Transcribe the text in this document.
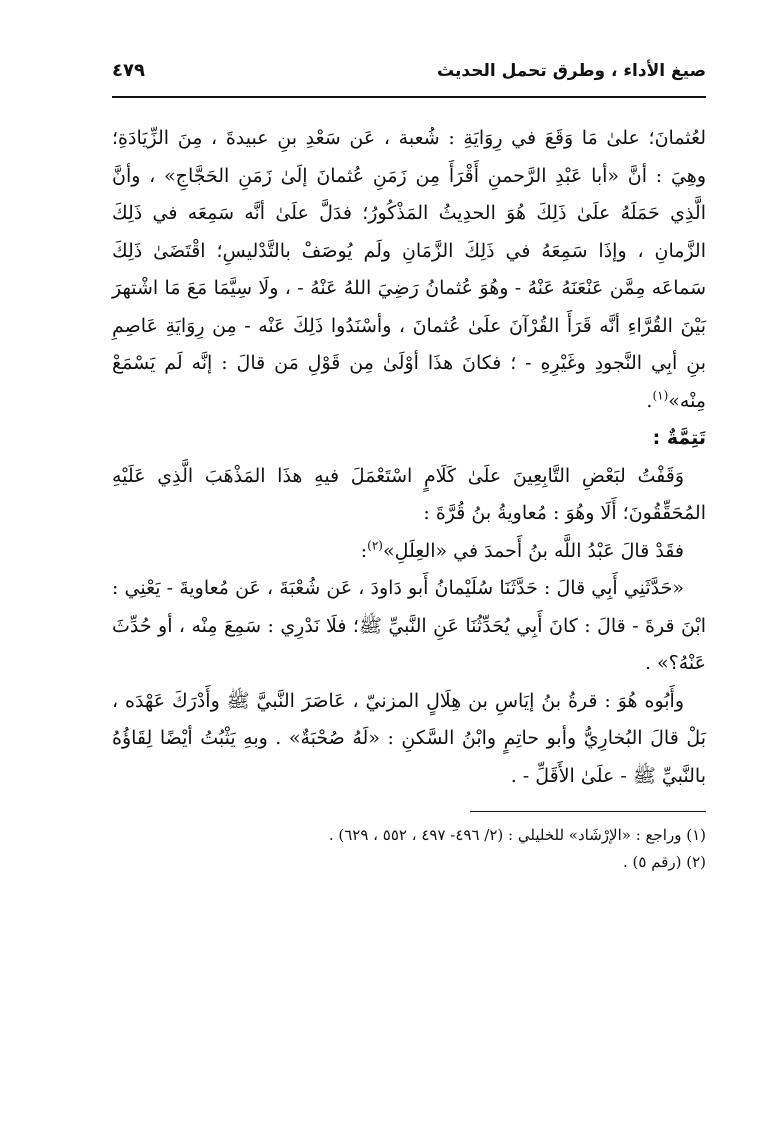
صيغ الأداء ، وطرق تحمل الحديث
٤٧٩

لعُثمانَ؛ علىٰ مَا وَقَعَ في رِوَايَةِ : شُعبة ، عَن سَعْدِ بنِ عبيدةَ ، مِنَ الزِّيَادَةِ؛ وهِيَ : أنَّ «أبا عَبْدِ الرَّحمنِ أَقْرَأَ مِن زَمَنِ عُثمانَ إلَىٰ زَمَنِ الحَجَّاجِ» ، وأنَّ الَّذِي حَمَلَهُ علَىٰ ذَلِكَ هُوَ الحدِيثُ المَذْكُورُ؛ فدَلَّ علَىٰ أنَّه سَمِعَه في ذَلِكَ الزَّمانِ ، وإذَا سَمِعَهُ في ذَلِكَ الزَّمَانِ ولَم يُوصَفْ بالتَّدْليسِ؛ اقْتَضَىٰ ذَلِكَ سَماعَه مِمَّن عَنْعَنَهُ عَنْهُ - وهُوَ عُثمانُ رَضِيَ اللهُ عَنْهُ - ، ولَا سِيَّمَا مَعَ مَا اشْتهرَ بَيْنَ القُرَّاءِ أنَّه قَرَأَ القُرْآنَ علَىٰ عُثمانَ ، وأسْنَدُوا ذَلِكَ عَنْه - مِن رِوَايَةِ عَاصِمِ بنِ أبِي النَّجودِ وغَيْرِهِ - ؛ فكانَ هذَا أوْلَىٰ مِن قَوْلِ مَن قالَ : إنَّه لَم يَسْمَعْ مِنْه»$^{(١)}$.

تَتِمَّةٌ :

وَقَفْتُ لبَعْضِ التَّابِعِينَ علَىٰ كَلَامٍ اسْتَعْمَلَ فيهِ هذَا المَذْهَبَ الَّذِي عَلَيْهِ المُحَقِّقُونَ؛ أَلَا وهُوَ : مُعاويةُ بنُ قُرَّةَ :

فقَدْ قالَ عَبْدُ اللَّه بنُ أَحمدَ في «العِلَلِ»$^{(٢)}$:

«حَدَّثَنِي أَبِي قالَ : حَدَّثَنَا سُلَيْمانُ أَبو دَاودَ ، عَن شُعْبَةَ ، عَن مُعاويةَ - يَعْنِي : ابْنَ قرةَ - قالَ : كانَ أَبِي يُحَدِّثُنَا عَنِ النَّبيِّ ﷺ؛ فلَا نَدْرِي : سَمِعَ مِنْه ، أو حُدِّثَ عَنْهُ؟» .

وأَبُوه هُوَ : قرةُ بنُ إيَاسِ بن هِلَالٍ المزنيّ ، عَاصَرَ النَّبيَّ ﷺ وأَدْرَكَ عَهْدَه ، بَلْ قالَ البُخارِيُّ وأبو حاتِمٍ وابْنُ السَّكنِ : «لَهُ صُحْبَةٌ» . وبهِ يَثْبُتُ أيْضًا لِقَاؤُهُ بالنَّبيِّ ﷺ - علَىٰ الأَقَلِّ - .

(١) وراجع : «الإرْشَاد» للخليلي : (٢/ ٤٩٦- ٤٩٧ ، ٥٥٢ ، ٦٢٩) .
(٢) (رقم ٥) .
